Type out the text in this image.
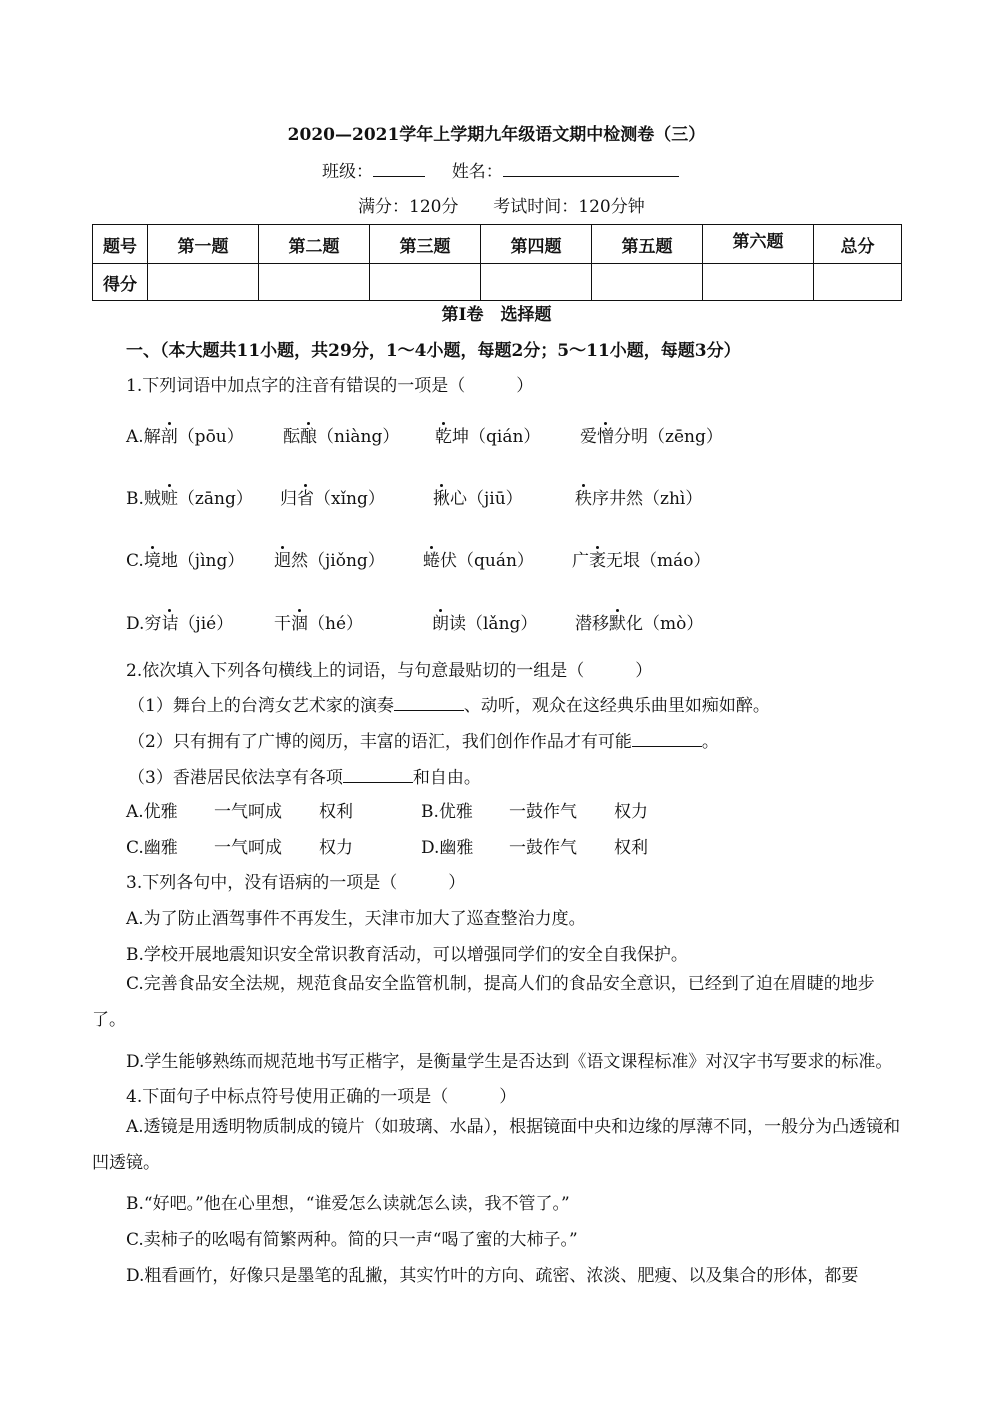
2020—2021学年上学期九年级语文期中检测卷（三）
班级：	姓名：
满分：120分 考试时间：120分钟
题号	第一题	第二题	第三题	第四题	第五题	第六题	总分
得分							
第Ⅰ卷　选择题
一、（本大题共11小题，共29分，1～4小题，每题2分；5～11小题，每题3分）
1.下列词语中加点字的注音有错误的一项是（　　　）
A.解剖（pōu） 酝酿（niàng） 乾坤（qián） 爱憎分明（zēng）
B.贼赃（zāng） 归省（xǐng）	揪心（jiū）	秩序井然（zhì）
C.境地（jìng） 迥然（jiǒng） 蜷伏（quán） 广袤无垠（máo）
D.穷诘（jié） 干涸（hé）	朗读（lǎng） 潜移默化（mò）
2.依次填入下列各句横线上的词语，与句意最贴切的一组是（　　　）
（1）舞台上的台湾女艺术家的演奏	、动听，观众在这经典乐曲里如痴如醉。
（2）只有拥有了广博的阅历，丰富的语汇，我们创作作品才有可能	。
（3）香港居民依法享有各项	和自由。
A.优雅 一气呵成 权利	B.优雅 一鼓作气 权力
C.幽雅 一气呵成 权力	D.幽雅 一鼓作气 权利
3.下列各句中，没有语病的一项是（　　　）
A.为了防止酒驾事件不再发生，天津市加大了巡查整治力度。
B.学校开展地震知识安全常识教育活动，可以增强同学们的安全自我保护。
C.完善食品安全法规，规范食品安全监管机制，提高人们的食品安全意识，已经到了迫在眉睫的地步了。
D.学生能够熟练而规范地书写正楷字，是衡量学生是否达到《语文课程标准》对汉字书写要求的标准。
4.下面句子中标点符号使用正确的一项是（　　　）
A.透镜是用透明物质制成的镜片（如玻璃、水晶），根据镜面中央和边缘的厚薄不同，一般分为凸透镜和凹透镜。
B.“好吧。”他在心里想，“谁爱怎么读就怎么读，我不管了。”
C.卖柿子的吆喝有简繁两种。简的只一声“喝了蜜的大柿子。”
D.粗看画竹，好像只是墨笔的乱撇，其实竹叶的方向、疏密、浓淡、肥瘦、以及集合的形体，都要
